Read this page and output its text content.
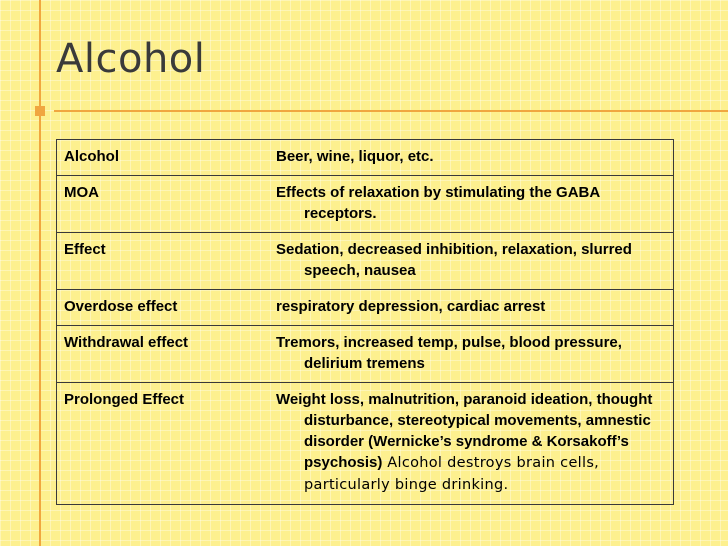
Alcohol
Alcohol	Beer, wine, liquor, etc.

MOA	Effects of relaxation by stimulating the GABA receptors.

Effect	Sedation, decreased inhibition, relaxation, slurred speech, nausea

Overdose effect	respiratory depression, cardiac arrest

Withdrawal effect	Tremors, increased temp, pulse, blood pressure, delirium tremens

Prolonged Effect	Weight loss, malnutrition, paranoid ideation, thought disturbance, stereotypical movements, amnestic disorder (Wernicke’s syndrome & Korsakoff’s psychosis) Alcohol destroys brain cells, particularly binge drinking.
